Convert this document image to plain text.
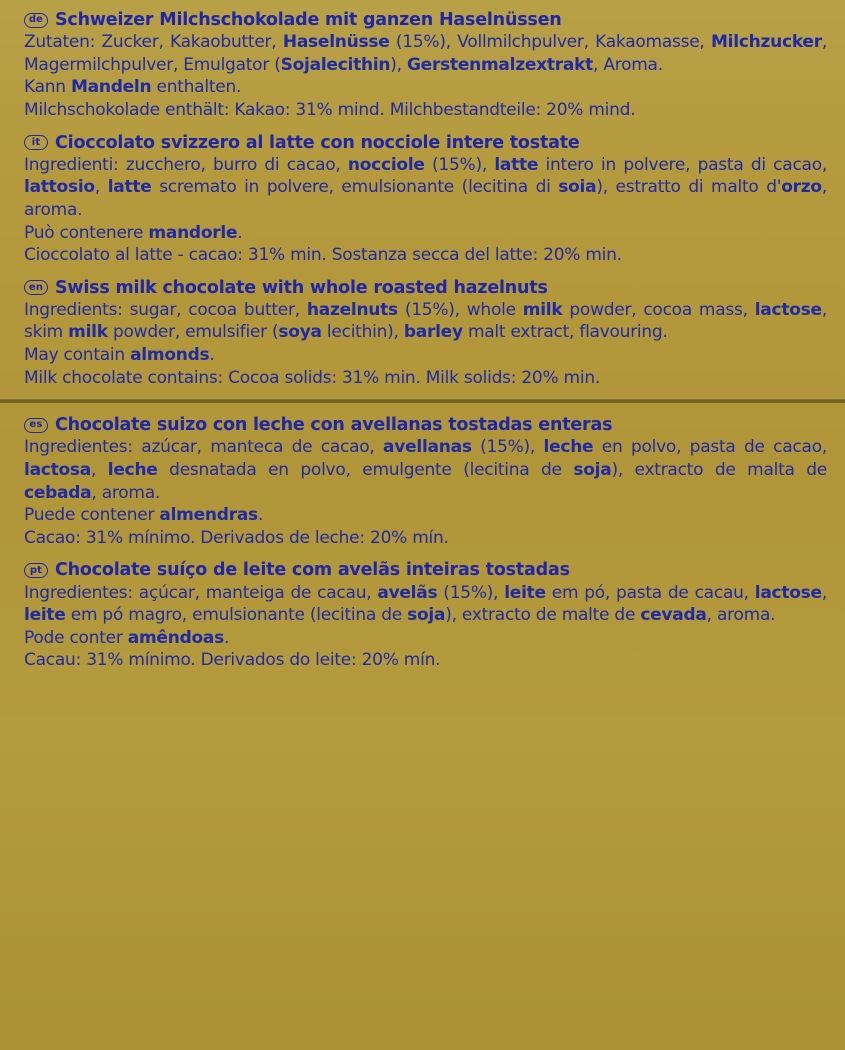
de Schweizer Milchschokolade mit ganzen Haselnüssen

Zutaten: Zucker, Kakaobutter, Haselnüsse (15%), Vollmilchpulver, Kakaomasse, Milchzucker, Magermilchpulver, Emulgator (Sojalecithin), Gerstenmalzextrakt, Aroma.

Kann Mandeln enthalten.

Milchschokolade enthält: Kakao: 31% mind. Milchbestandteile: 20% mind.

it Cioccolato svizzero al latte con nocciole intere tostate

Ingredienti: zucchero, burro di cacao, nocciole (15%), latte intero in polvere, pasta di cacao, lattosio, latte scremato in polvere, emulsionante (lecitina di soia), estratto di malto d'orzo, aroma.

Può contenere mandorle.

Cioccolato al latte - cacao: 31% min. Sostanza secca del latte: 20% min.

en Swiss milk chocolate with whole roasted hazelnuts

Ingredients: sugar, cocoa butter, hazelnuts (15%), whole milk powder, cocoa mass, lactose, skim milk powder, emulsifier (soya lecithin), barley malt extract, flavouring.

May contain almonds.

Milk chocolate contains: Cocoa solids: 31% min. Milk solids: 20% min.

es Chocolate suizo con leche con avellanas tostadas enteras

Ingredientes: azúcar, manteca de cacao, avellanas (15%), leche en polvo, pasta de cacao, lactosa, leche desnatada en polvo, emulgente (lecitina de soja), extracto de malta de cebada, aroma.

Puede contener almendras.

Cacao: 31% mínimo. Derivados de leche: 20% mín.

pt Chocolate suíço de leite com avelãs inteiras tostadas

Ingredientes: açúcar, manteiga de cacau, avelãs (15%), leite em pó, pasta de cacau, lactose, leite em pó magro, emulsionante (lecitina de soja), extracto de malte de cevada, aroma.

Pode conter amêndoas.

Cacau: 31% mínimo. Derivados do leite: 20% mín.
